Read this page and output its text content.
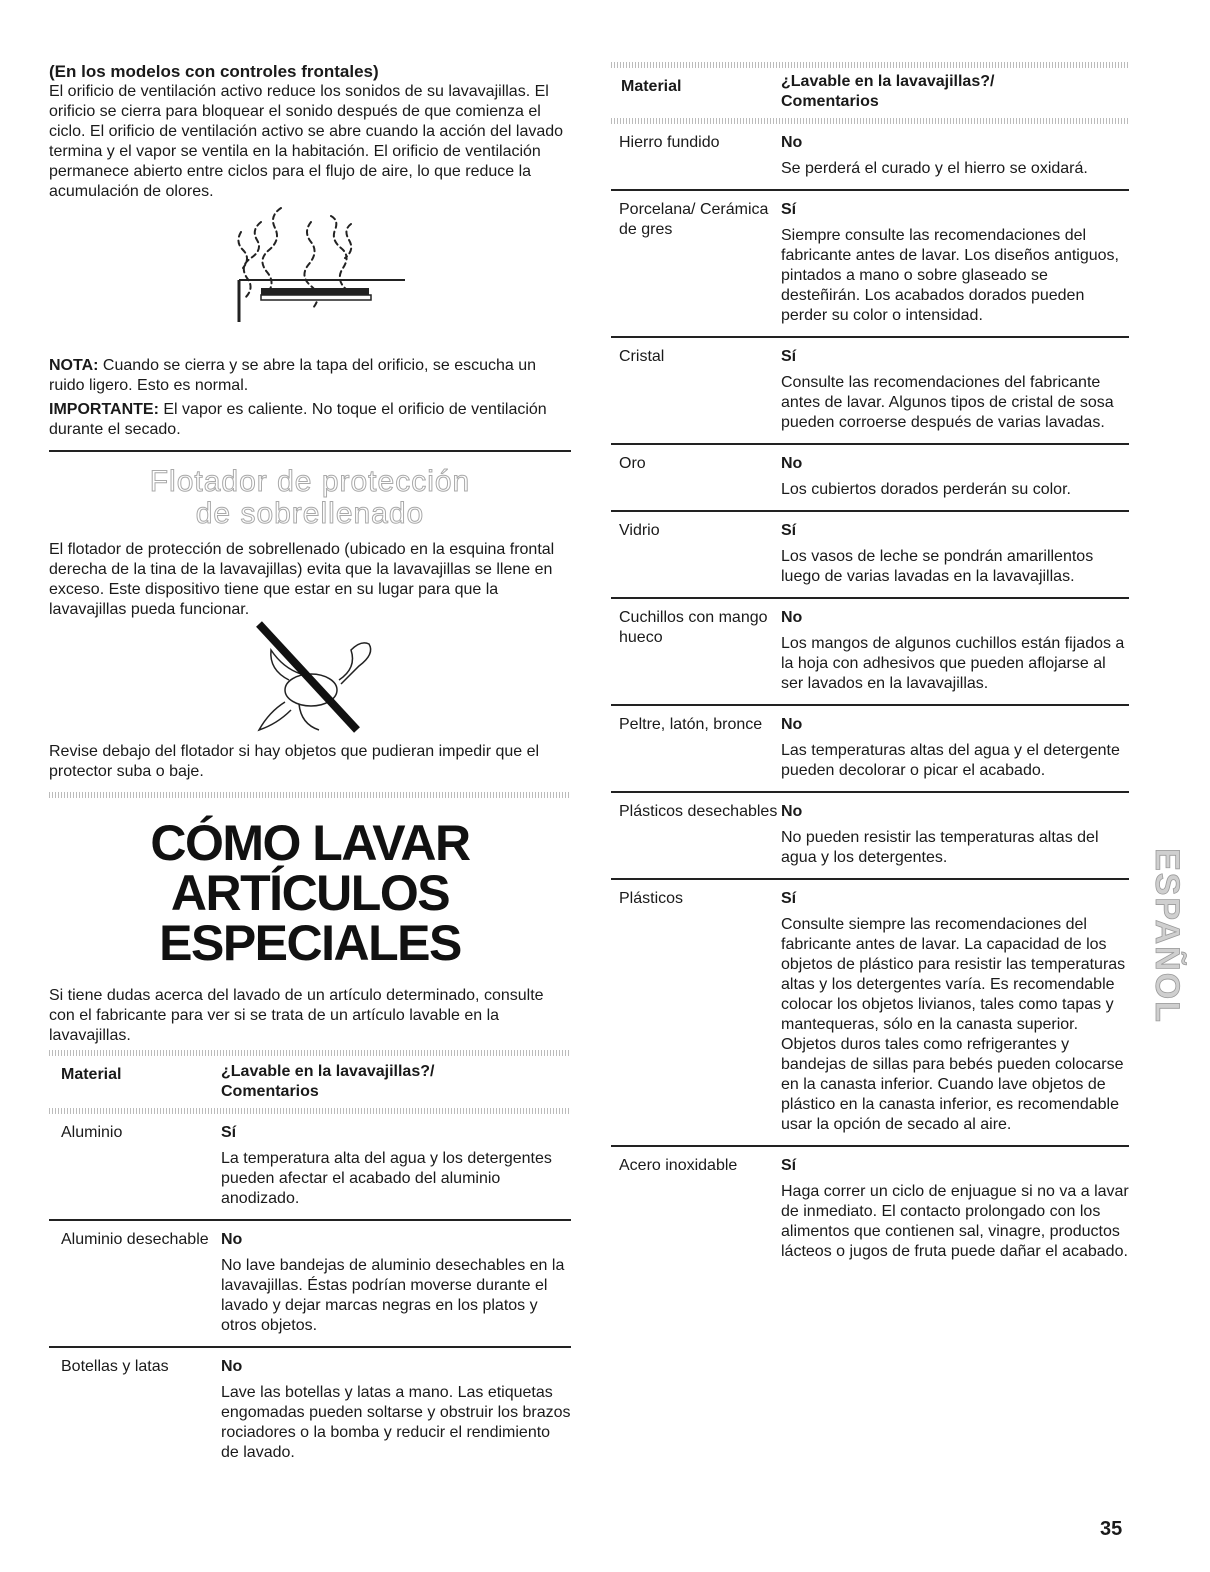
(En los modelos con controles frontales)

El orificio de ventilación activo reduce los sonidos de su lavavajillas. El orificio se cierra para bloquear el sonido después de que comienza el ciclo. El orificio de ventilación activo se abre cuando la acción del lavado termina y el vapor se ventila en la habitación. El orificio de ventilación permanece abierto entre ciclos para el flujo de aire, lo que reduce la acumulación de olores.

NOTA: Cuando se cierra y se abre la tapa del orificio, se escucha un ruido ligero. Esto es normal.

IMPORTANTE: El vapor es caliente. No toque el orificio de ventilación durante el secado.

Flotador de protección

de sobrellenado

El flotador de protección de sobrellenado (ubicado en la esquina frontal derecha de la tina de la lavavajillas) evita que la lavavajillas se llene en exceso. Este dispositivo tiene que estar en su lugar para que la lavavajillas pueda funcionar.

Revise debajo del flotador si hay objetos que pudieran impedir que el protector suba o baje.

CÓMO LAVAR

ARTÍCULOS

ESPECIALES

Si tiene dudas acerca del lavado de un artículo determinado, consulte con el fabricante para ver si se trata de un artículo lavable en la lavavajillas.

Material	¿Lavable en la lavavajillas?/
Comentarios

Aluminio	Sí
	La temperatura alta del agua y los detergentes pueden afectar el acabado del aluminio anodizado.

Aluminio desechable	No
	No lave bandejas de aluminio desechables en la lavavajillas. Éstas podrían moverse durante el lavado y dejar marcas negras en los platos y otros objetos.

Botellas y latas	No
	Lave las botellas y latas a mano. Las etiquetas engomadas pueden soltarse y obstruir los brazos rociadores o la bomba y reducir el rendimiento de lavado.
Material	¿Lavable en la lavavajillas?/
Comentarios

Hierro fundido	No
	Se perderá el curado y el hierro se oxidará.

Porcelana/ Cerámica de gres	Sí
	Siempre consulte las recomendaciones del fabricante antes de lavar. Los diseños antiguos, pintados a mano o sobre glaseado se desteñirán. Los acabados dorados pueden perder su color o intensidad.

Cristal	Sí
	Consulte las recomendaciones del fabricante antes de lavar. Algunos tipos de cristal de sosa pueden corroerse después de varias lavadas.

Oro	No
	Los cubiertos dorados perderán su color.

Vidrio	Sí
	Los vasos de leche se pondrán amarillentos luego de varias lavadas en la lavavajillas.

Cuchillos con mango hueco	No
	Los mangos de algunos cuchillos están fijados a la hoja con adhesivos que pueden aflojarse al ser lavados en la lavavajillas.

Peltre, latón, bronce	No
	Las temperaturas altas del agua y el detergente pueden decolorar o picar el acabado.

Plásticos desechables	No
	No pueden resistir las temperaturas altas del agua y los detergentes.

Plásticos	Sí
	Consulte siempre las recomendaciones del fabricante antes de lavar. La capacidad de los objetos de plástico para resistir las temperaturas altas y los detergentes varía. Es recomendable colocar los objetos livianos, tales como tapas y mantequeras, sólo en la canasta superior. Objetos duros tales como refrigerantes y bandejas de sillas para bebés pueden colocarse en la canasta inferior. Cuando lave objetos de plástico en la canasta inferior, es recomendable usar la opción de secado al aire.

Acero inoxidable	Sí
	Haga correr un ciclo de enjuague si no va a lavar de inmediato. El contacto prolongado con los alimentos que contienen sal, vinagre, productos lácteos o jugos de fruta puede dañar el acabado.
ESPAÑOL
35
